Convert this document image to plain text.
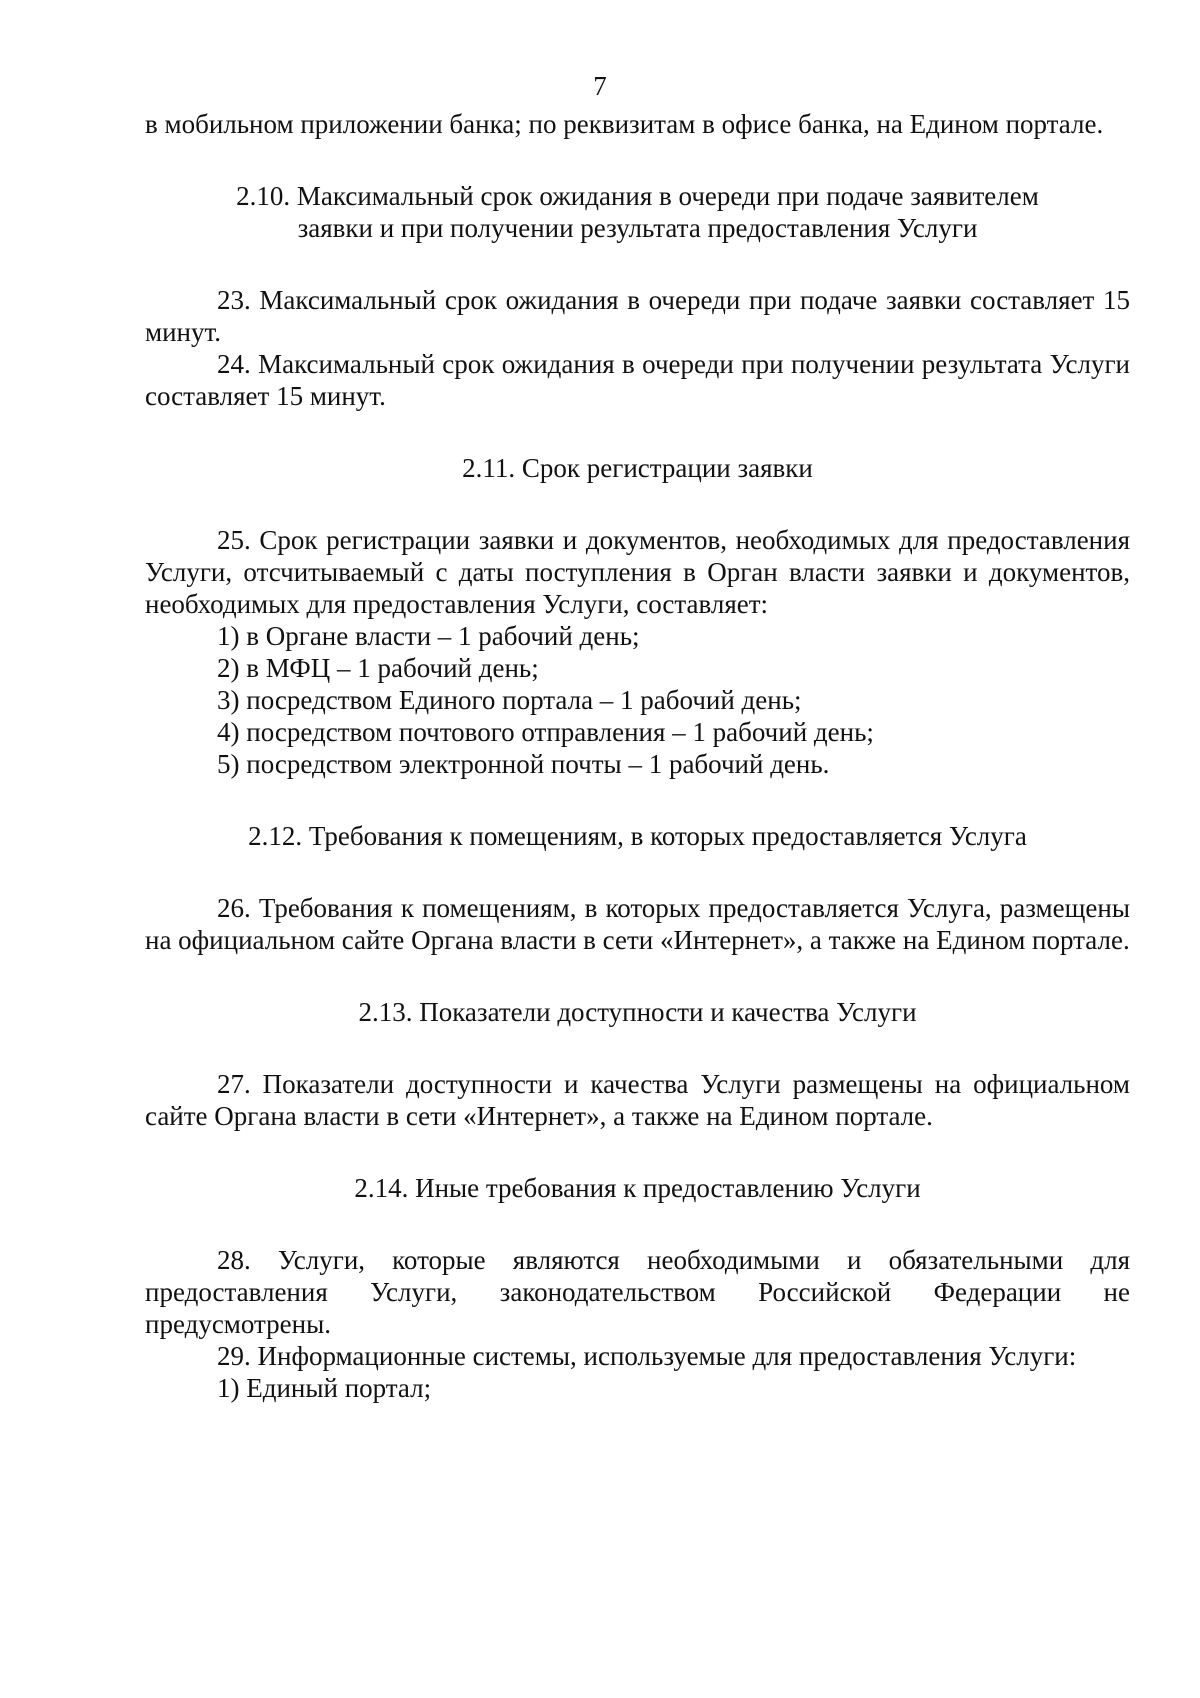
7

в мобильном приложении банка; по реквизитам в офисе банка, на Едином портале.

2.10. Максимальный срок ожидания в очереди при подаче заявителем

заявки и при получении результата предоставления Услуги

23. Максимальный срок ожидания в очереди при подаче заявки составляет 15 минут.

24. Максимальный срок ожидания в очереди при получении результата Услуги составляет 15 минут.

2.11. Срок регистрации заявки

25. Срок регистрации заявки и документов, необходимых для предоставления Услуги, отсчитываемый с даты поступления в Орган власти заявки и документов, необходимых для предоставления Услуги, составляет:

1) в Органе власти – 1 рабочий день;

2) в МФЦ – 1 рабочий день;

3) посредством Единого портала – 1 рабочий день;

4) посредством почтового отправления – 1 рабочий день;

5) посредством электронной почты – 1 рабочий день.

2.12. Требования к помещениям, в которых предоставляется Услуга

26. Требования к помещениям, в которых предоставляется Услуга, размещены на официальном сайте Органа власти в сети «Интернет», а также на Едином портале.

2.13. Показатели доступности и качества Услуги

27. Показатели доступности и качества Услуги размещены на официальном сайте Органа власти в сети «Интернет», а также на Едином портале.

2.14. Иные требования к предоставлению Услуги

28. Услуги, которые являются необходимыми и обязательными для предоставления Услуги, законодательством Российской Федерации не предусмотрены.

29. Информационные системы, используемые для предоставления Услуги:

1) Единый портал;
